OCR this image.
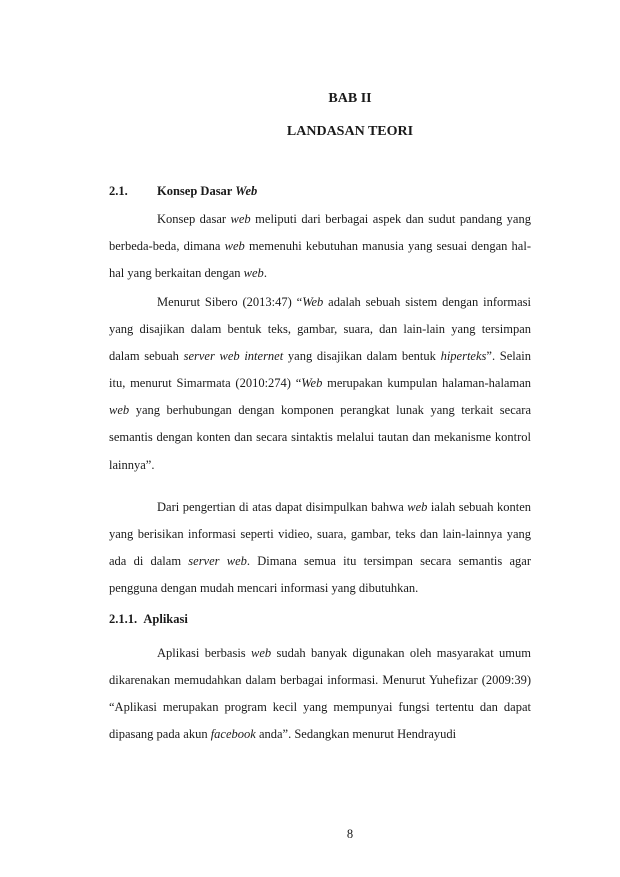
BAB II
LANDASAN TEORI
2.1. Konsep Dasar Web

Konsep dasar web meliputi dari berbagai aspek dan sudut pandang yang berbeda-beda, dimana web memenuhi kebutuhan manusia yang sesuai dengan hal-hal yang berkaitan dengan web.

Menurut Sibero (2013:47) “Web adalah sebuah sistem dengan informasi yang disajikan dalam bentuk teks, gambar, suara, dan lain-lain yang tersimpan dalam sebuah server web internet yang disajikan dalam bentuk hiperteks”. Selain itu, menurut Simarmata (2010:274) “Web merupakan kumpulan halaman-halaman web yang berhubungan dengan komponen perangkat lunak yang terkait secara semantis dengan konten dan secara sintaktis melalui tautan dan mekanisme kontrol lainnya”.

Dari pengertian di atas dapat disimpulkan bahwa web ialah sebuah konten yang berisikan informasi seperti vidieo, suara, gambar, teks dan lain-lainnya yang ada di dalam server web. Dimana semua itu tersimpan secara semantis agar pengguna dengan mudah mencari informasi yang dibutuhkan.

2.1.1. Aplikasi

Aplikasi berbasis web sudah banyak digunakan oleh masyarakat umum dikarenakan memudahkan dalam berbagai informasi. Menurut Yuhefizar (2009:39) “Aplikasi merupakan program kecil yang mempunyai fungsi tertentu dan dapat dipasang pada akun facebook anda”. Sedangkan menurut Hendrayudi

8
